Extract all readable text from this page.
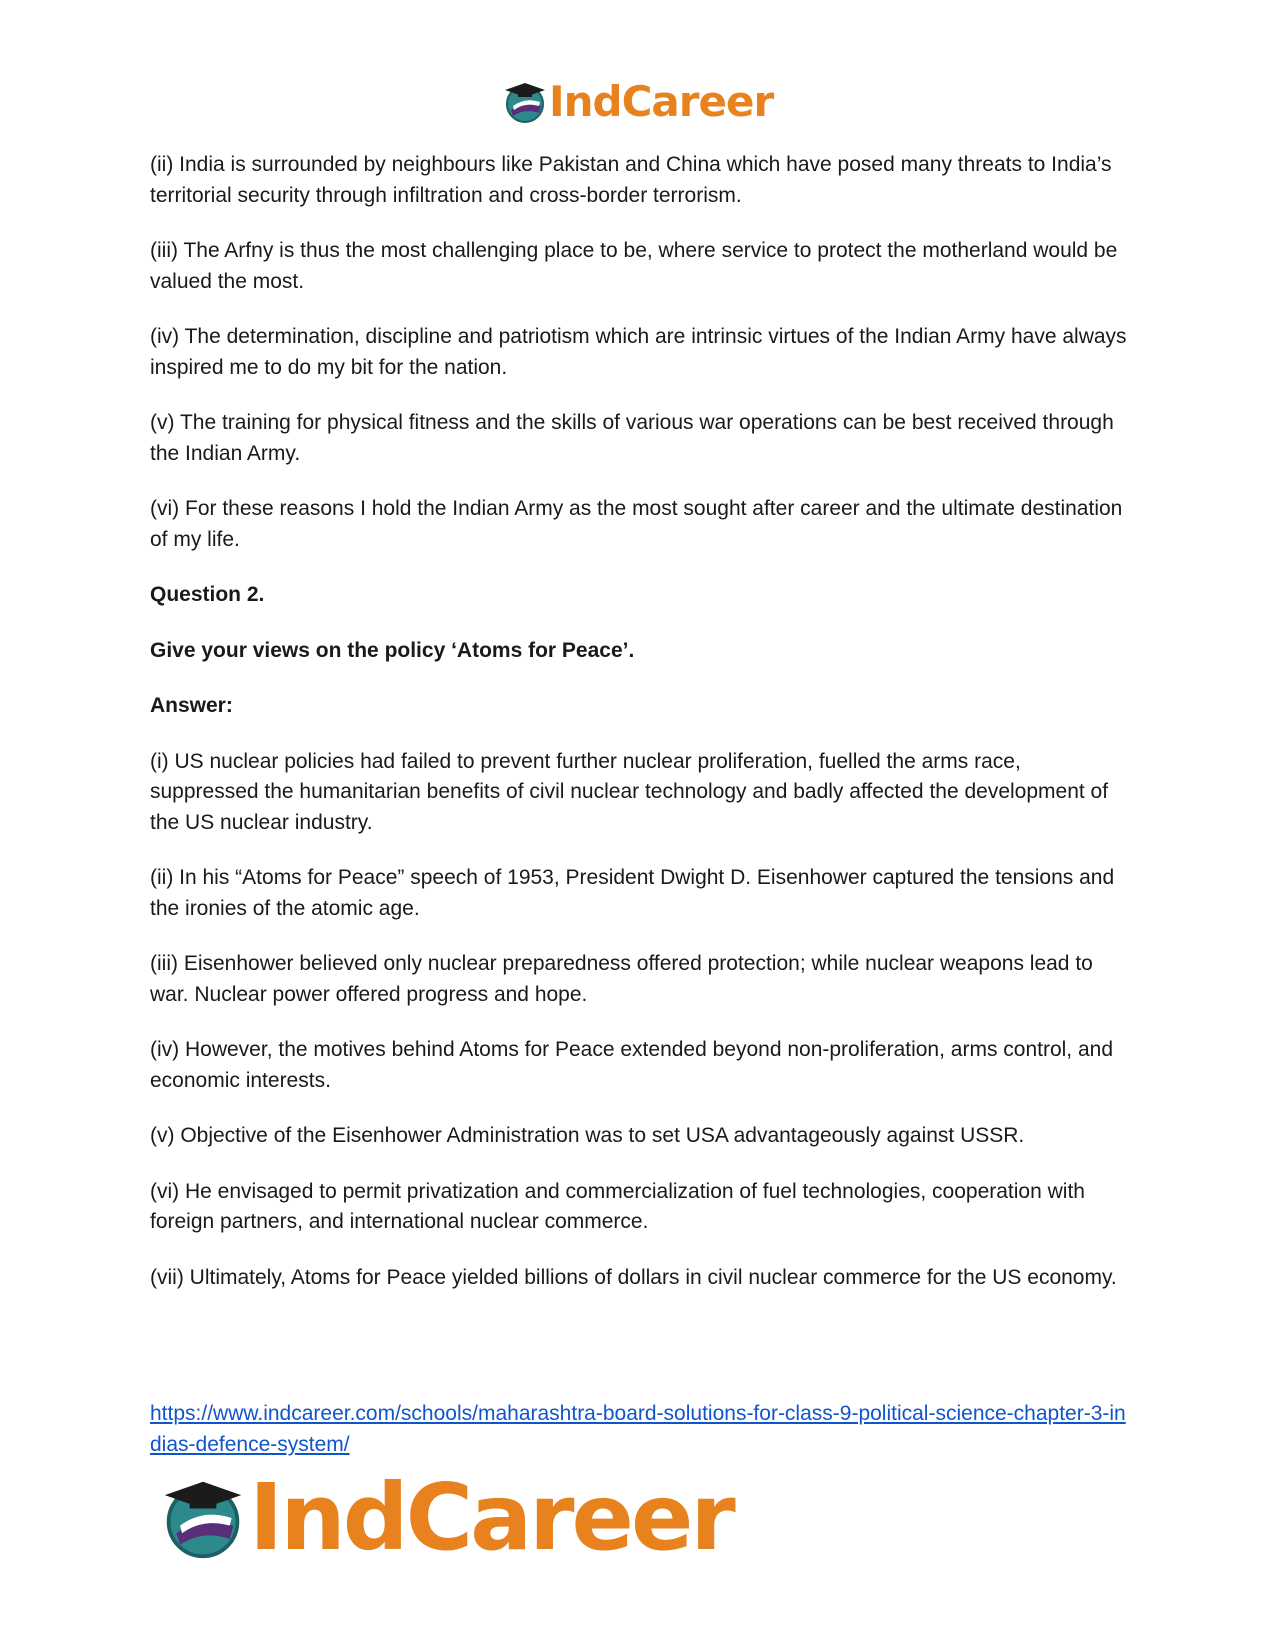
IndCareer

(ii) India is surrounded by neighbours like Pakistan and China which have posed many threats to India’s territorial security through infiltration and cross-border terrorism.

(iii) The Arfny is thus the most challenging place to be, where service to protect the motherland would be valued the most.

(iv) The determination, discipline and patriotism which are intrinsic virtues of the Indian Army have always inspired me to do my bit for the nation.

(v) The training for physical fitness and the skills of various war operations can be best received through the Indian Army.

(vi) For these reasons I hold the Indian Army as the most sought after career and the ultimate destination of my life.

Question 2.

Give your views on the policy ‘Atoms for Peace’.

Answer:

(i) US nuclear policies had failed to prevent further nuclear proliferation, fuelled the arms race, suppressed the humanitarian benefits of civil nuclear technology and badly affected the development of the US nuclear industry.

(ii) In his “Atoms for Peace” speech of 1953, President Dwight D. Eisenhower captured the tensions and the ironies of the atomic age.

(iii) Eisenhower believed only nuclear preparedness offered protection; while nuclear weapons lead to war. Nuclear power offered progress and hope.

(iv) However, the motives behind Atoms for Peace extended beyond non-proliferation, arms control, and economic interests.

(v) Objective of the Eisenhower Administration was to set USA advantageously against USSR.

(vi) He envisaged to permit privatization and commercialization of fuel technologies, cooperation with foreign partners, and international nuclear commerce.

(vii) Ultimately, Atoms for Peace yielded billions of dollars in civil nuclear commerce for the US economy.

https://www.indcareer.com/schools/maharashtra-board-solutions-for-class-9-political-science-chapter-3-indias-defence-system/
IndCareer
